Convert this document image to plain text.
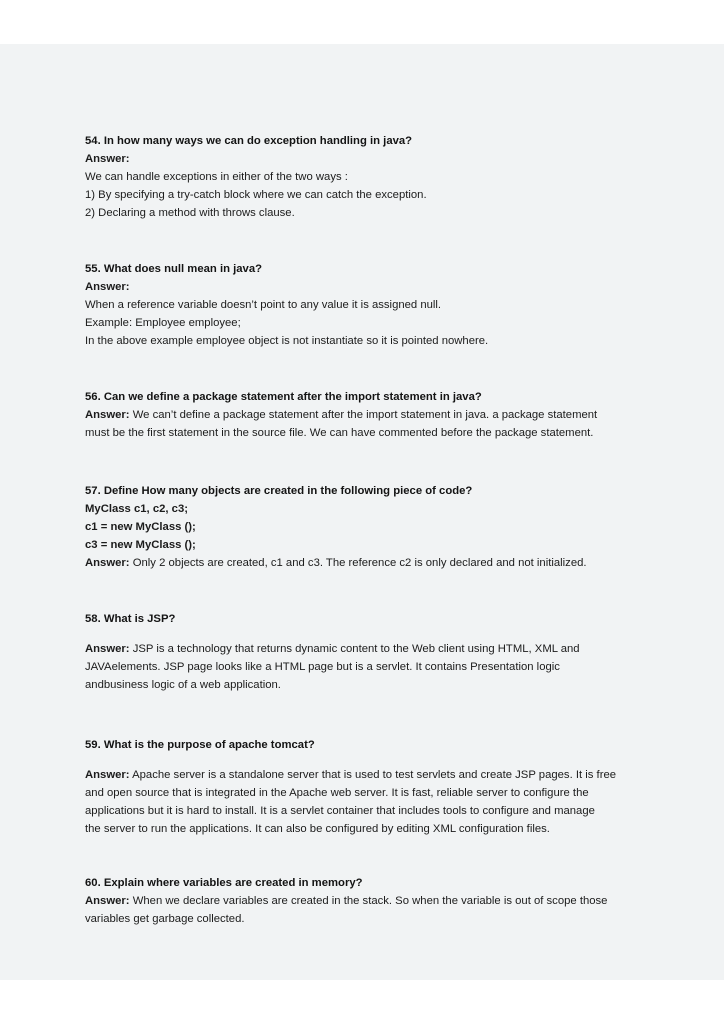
54. In how many ways we can do exception handling in java?
Answer:
We can handle exceptions in either of the two ways :
1) By specifying a try-catch block where we can catch the exception.
2) Declaring a method with throws clause.
55. What does null mean in java?
Answer:
When a reference variable doesn’t point to any value it is assigned null.
Example: Employee employee;
In the above example employee object is not instantiate so it is pointed nowhere.
56. Can we define a package statement after the import statement in java?
Answer: We can’t define a package statement after the import statement in java. a package statement
must be the first statement in the source file. We can have commented before the package statement.
57. Define How many objects are created in the following piece of code?
MyClass c1, c2, c3;
c1 = new MyClass ();
c3 = new MyClass ();
Answer: Only 2 objects are created, c1 and c3. The reference c2 is only declared and not initialized.
58. What is JSP?
Answer: JSP is a technology that returns dynamic content to the Web client using HTML, XML and
JAVAelements. JSP page looks like a HTML page but is a servlet. It contains Presentation logic
andbusiness logic of a web application.
59. What is the purpose of apache tomcat?
Answer: Apache server is a standalone server that is used to test servlets and create JSP pages. It is free
and open source that is integrated in the Apache web server. It is fast, reliable server to configure the
applications but it is hard to install. It is a servlet container that includes tools to configure and manage
the server to run the applications. It can also be configured by editing XML configuration files.
60. Explain where variables are created in memory?
Answer: When we declare variables are created in the stack. So when the variable is out of scope those
variables get garbage collected.
